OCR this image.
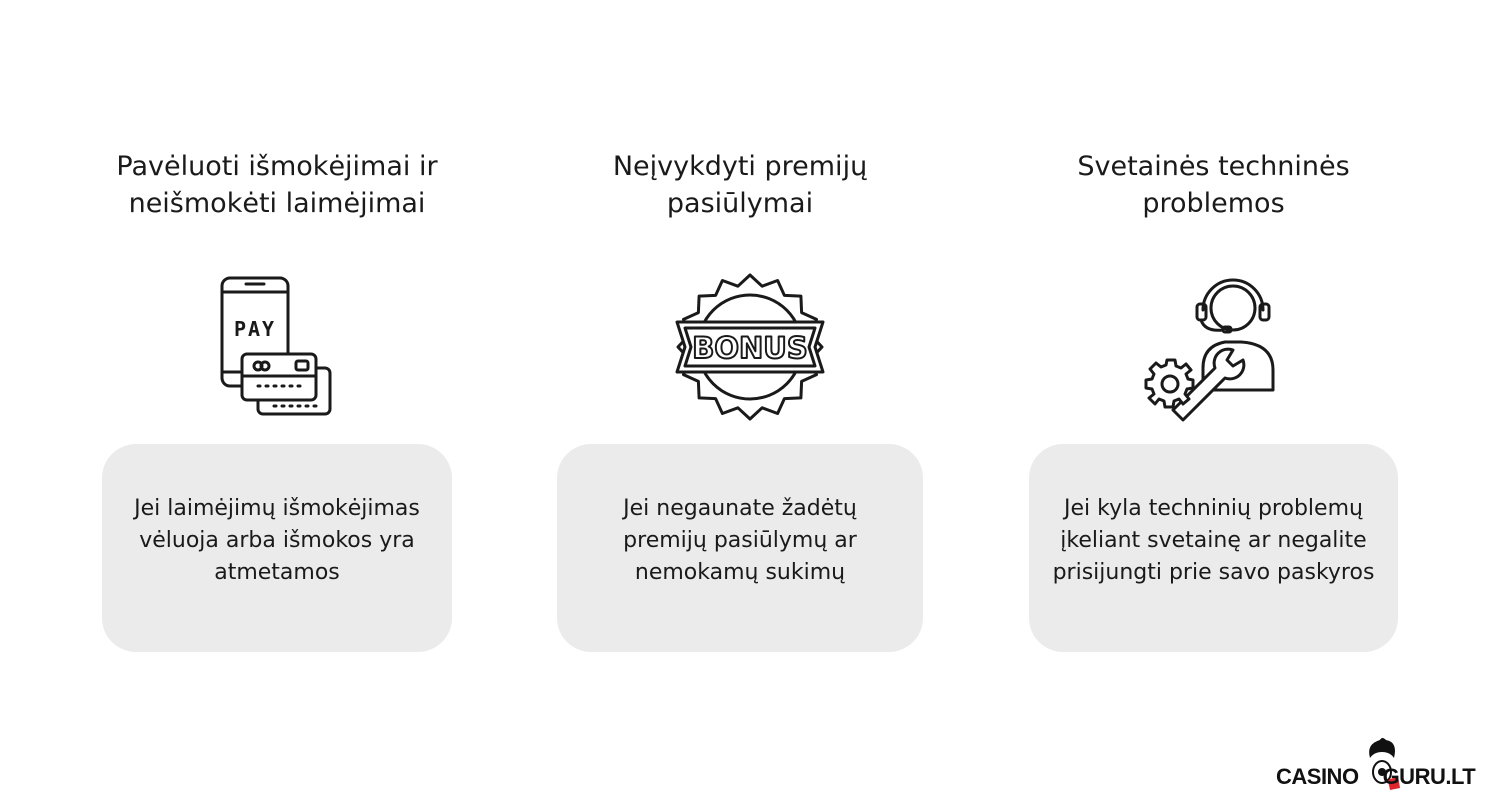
Pavėluoti išmokėjimai ir
neišmokėti laimėjimai
PAY
Jei laimėjimų išmokėjimas
vėluoja arba išmokos yra
atmetamos
Neįvykdyti premijų
pasiūlymai
BONUS
Jei negaunate žadėtų
premijų pasiūlymų ar
nemokamų sukimų
Svetainės techninės
problemos
Jei kyla techninių problemų
įkeliant svetainę ar negalite
prisijungti prie savo paskyros
CASINO GURU.LT
